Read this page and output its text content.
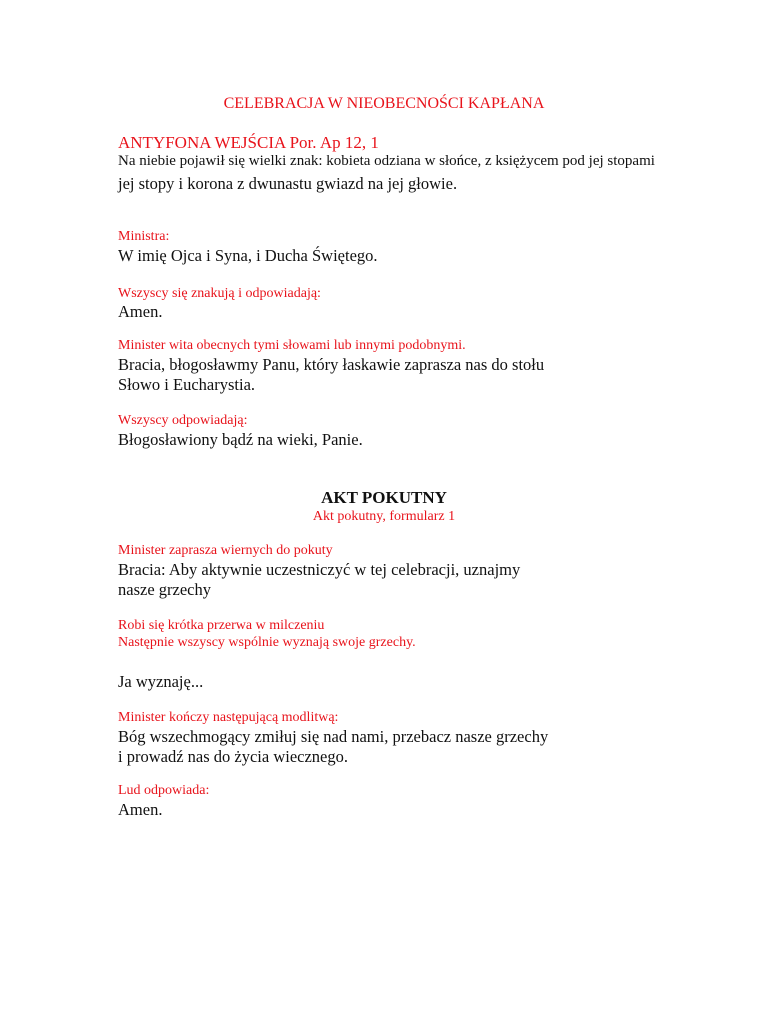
CELEBRACJA W NIEOBECNOŚCI KAPŁANA
ANTYFONA WEJŚCIA Por. Ap 12, 1
Na niebie pojawił się wielki znak: kobieta odziana w słońce, z księżycem pod jej stopami
jej stopy i korona z dwunastu gwiazd na jej głowie.
Ministra:
W imię Ojca i Syna, i Ducha Świętego.
Wszyscy się znakują i odpowiadają:
Amen.
Minister wita obecnych tymi słowami lub innymi podobnymi.
Bracia, błogosławmy Panu, który łaskawie zaprasza nas do stołu
Słowo i Eucharystia.
Wszyscy odpowiadają:
Błogosławiony bądź na wieki, Panie.
AKT POKUTNY
Akt pokutny, formularz 1
Minister zaprasza wiernych do pokuty
Bracia: Aby aktywnie uczestniczyć w tej celebracji, uznajmy
nasze grzechy
Robi się krótka przerwa w milczeniu
Następnie wszyscy wspólnie wyznają swoje grzechy.
Ja wyznaję...
Minister kończy następującą modlitwą:
Bóg wszechmogący zmiłuj się nad nami, przebacz nasze grzechy
i prowadź nas do życia wiecznego.
Lud odpowiada:
Amen.
